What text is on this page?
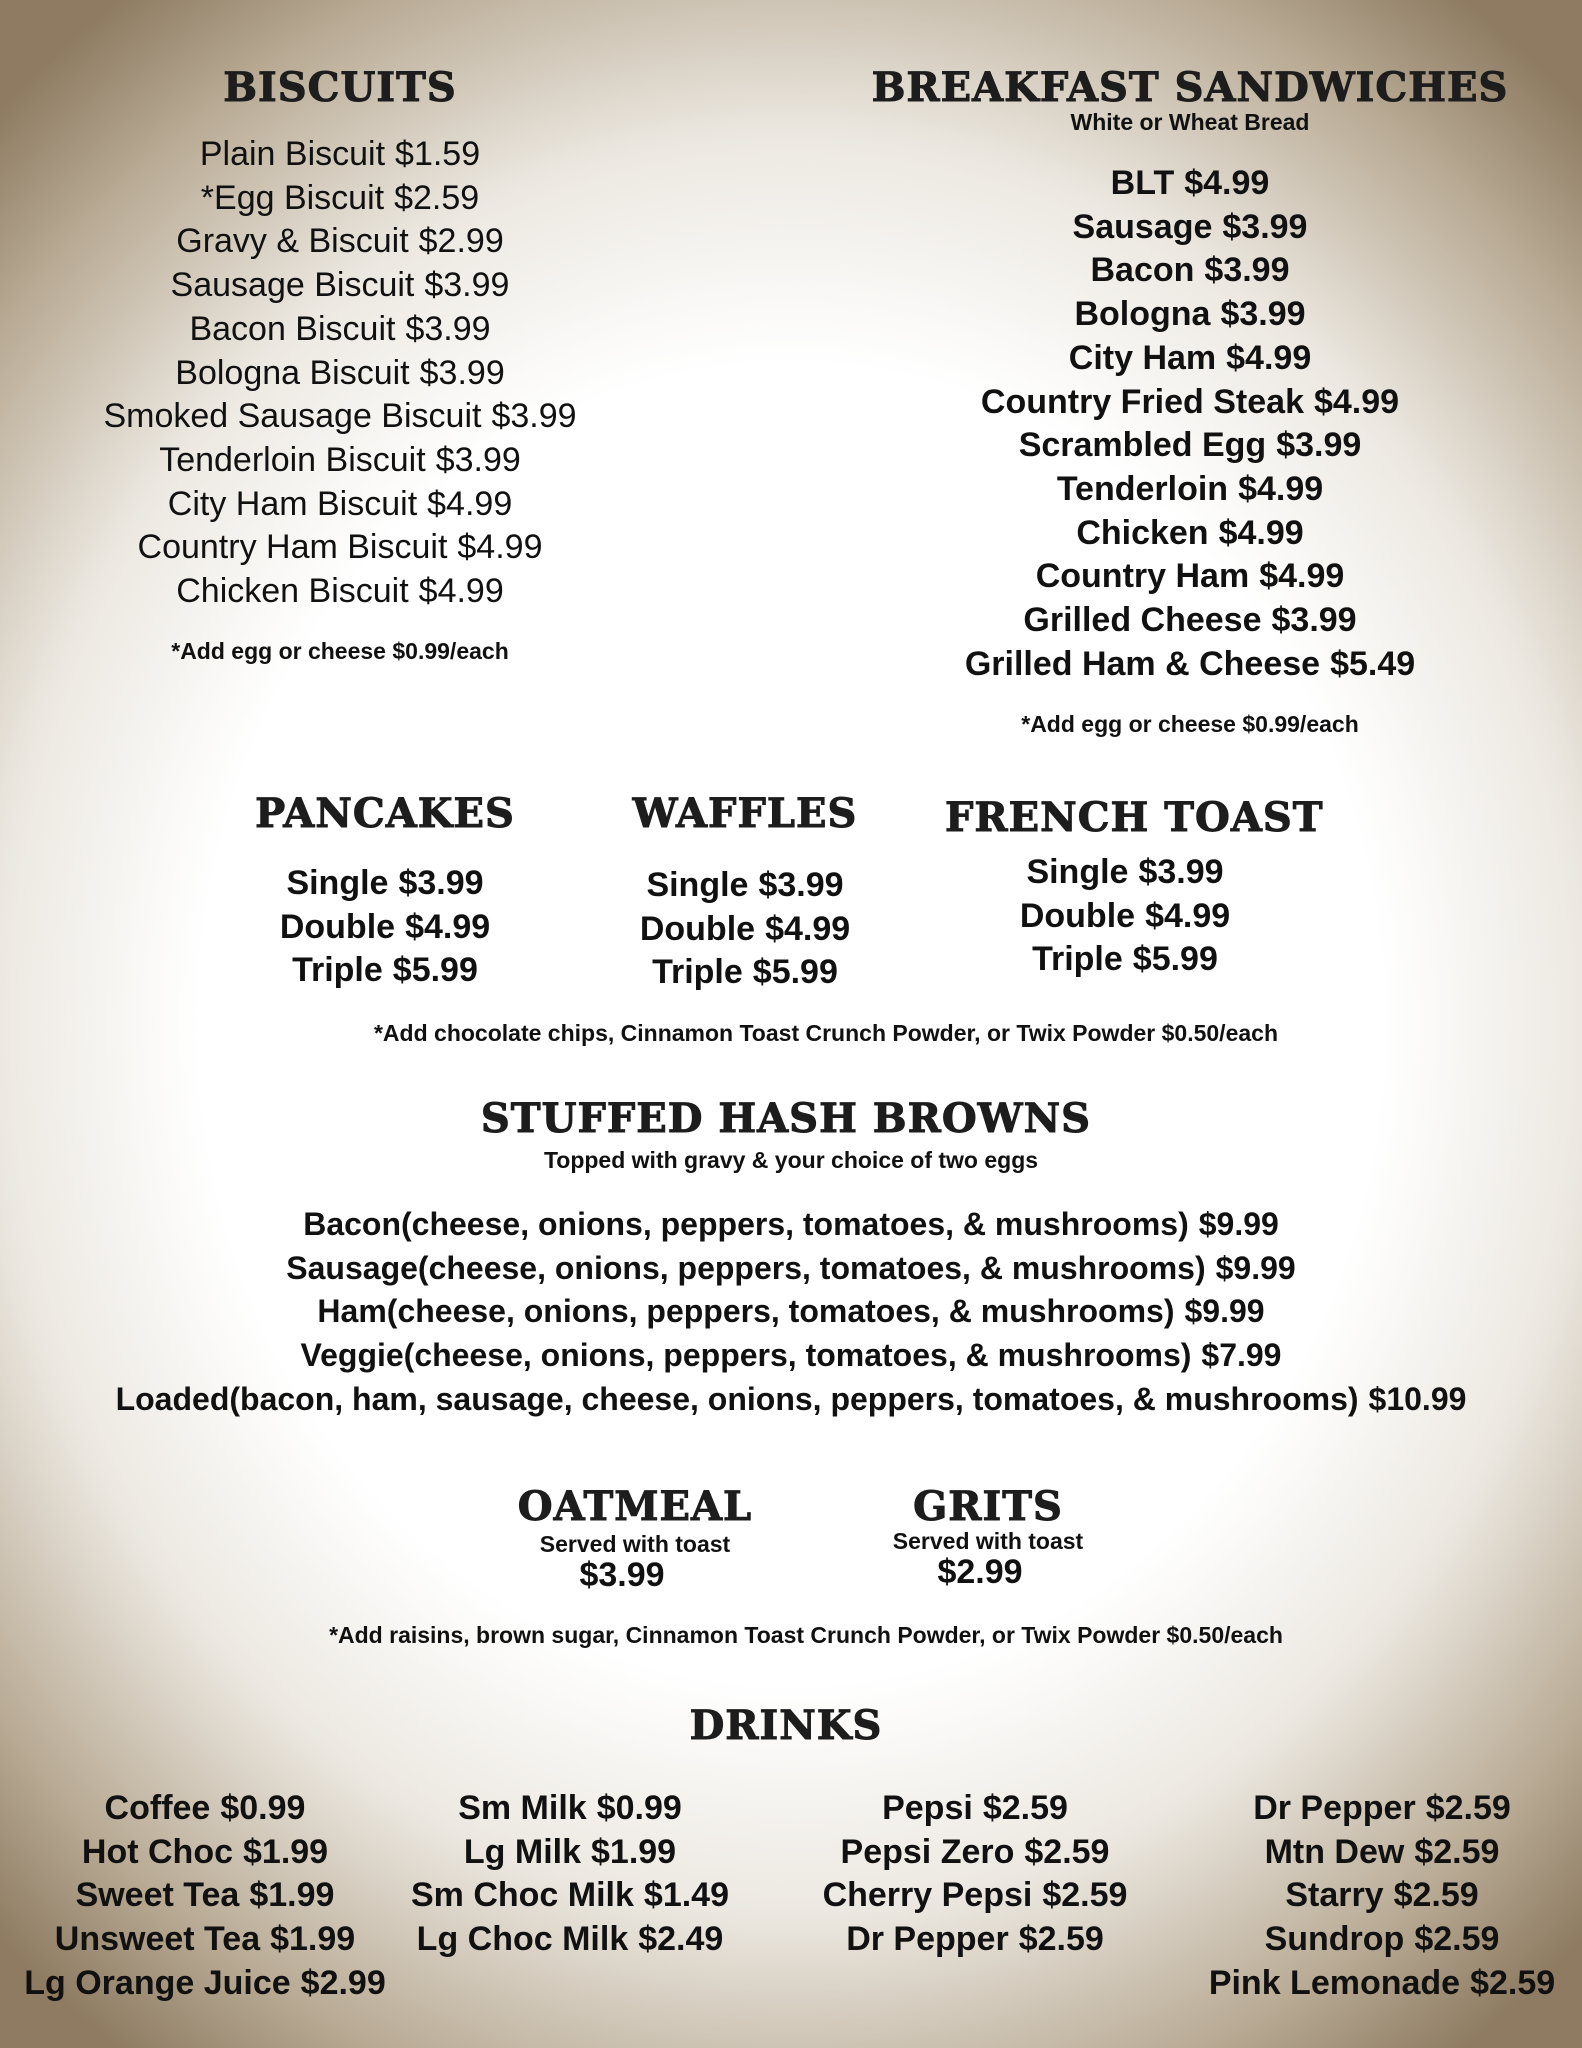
BISCUITS
Plain Biscuit $1.59
*Egg Biscuit $2.59
Gravy & Biscuit $2.99
Sausage Biscuit $3.99
Bacon Biscuit $3.99
Bologna Biscuit $3.99
Smoked Sausage Biscuit $3.99
Tenderloin Biscuit $3.99
City Ham Biscuit $4.99
Country Ham Biscuit $4.99
Chicken Biscuit $4.99
*Add egg or cheese $0.99/each
BREAKFAST SANDWICHES
White or Wheat Bread
BLT $4.99
Sausage $3.99
Bacon $3.99
Bologna $3.99
City Ham $4.99
Country Fried Steak $4.99
Scrambled Egg $3.99
Tenderloin $4.99
Chicken $4.99
Country Ham $4.99
Grilled Cheese $3.99
Grilled Ham & Cheese $5.49
*Add egg or cheese $0.99/each
PANCAKES
Single $3.99
Double $4.99
Triple $5.99
WAFFLES
Single $3.99
Double $4.99
Triple $5.99
FRENCH TOAST
Single $3.99
Double $4.99
Triple $5.99
*Add chocolate chips, Cinnamon Toast Crunch Powder, or Twix Powder $0.50/each
STUFFED HASH BROWNS
Topped with gravy & your choice of two eggs
Bacon(cheese, onions, peppers, tomatoes, & mushrooms) $9.99
Sausage(cheese, onions, peppers, tomatoes, & mushrooms) $9.99
Ham(cheese, onions, peppers, tomatoes, & mushrooms) $9.99
Veggie(cheese, onions, peppers, tomatoes, & mushrooms) $7.99
Loaded(bacon, ham, sausage, cheese, onions, peppers, tomatoes, & mushrooms) $10.99
OATMEAL
Served with toast
$3.99
GRITS
Served with toast
$2.99
*Add raisins, brown sugar, Cinnamon Toast Crunch Powder, or Twix Powder $0.50/each
DRINKS
Coffee $0.99
Hot Choc $1.99
Sweet Tea $1.99
Unsweet Tea $1.99
Lg Orange Juice $2.99
Sm Milk $0.99
Lg Milk $1.99
Sm Choc Milk $1.49
Lg Choc Milk $2.49
Pepsi $2.59
Pepsi Zero $2.59
Cherry Pepsi $2.59
Dr Pepper $2.59
Dr Pepper $2.59
Mtn Dew $2.59
Starry $2.59
Sundrop $2.59
Pink Lemonade $2.59
